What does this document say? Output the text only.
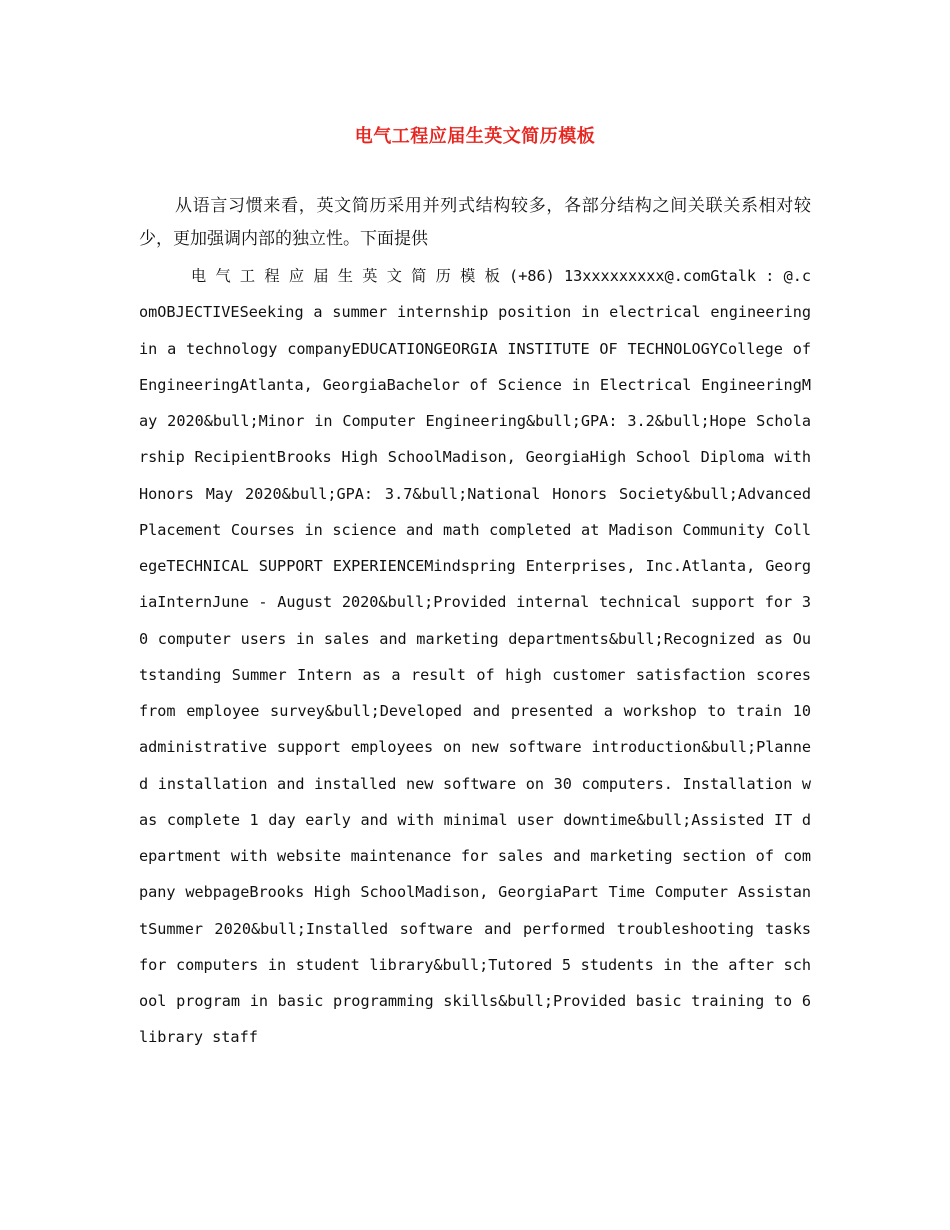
电气工程应届生英文简历模板

从语言习惯来看，英文简历采用并列式结构较多，各部分结构之间关联关系相对较少，更加强调内部的独立性。下面提供

电 气 工 程 应 届 生 英 文 简 历 模 板 (+86) 13xxxxxxxxx@.comGtalk : @.comOBJECTIVESeeking a summer internship position in electrical engineering in a technology companyEDUCATIONGEORGIA INSTITUTE OF TECHNOLOGYCollege of EngineeringAtlanta, GeorgiaBachelor of Science in Electrical EngineeringMay 2020&bull;Minor in Computer Engineering&bull;GPA: 3.2&bull;Hope Scholarship RecipientBrooks High SchoolMadison, GeorgiaHigh School Diploma with Honors May 2020&bull;GPA: 3.7&bull;National Honors Society&bull;Advanced Placement Courses in science and math completed at Madison Community CollegeTECHNICAL SUPPORT EXPERIENCEMindspring Enterprises, Inc.Atlanta, GeorgiaInternJune - August 2020&bull;Provided internal technical support for 30 computer users in sales and marketing departments&bull;Recognized as Outstanding Summer Intern as a result of high customer satisfaction scores from employee survey&bull;Developed and presented a workshop to train 10 administrative support employees on new software introduction&bull;Planned installation and installed new software on 30 computers. Installation was complete 1 day early and with minimal user downtime&bull;Assisted IT department with website maintenance for sales and marketing section of company webpageBrooks High SchoolMadison, GeorgiaPart Time Computer AssistantSummer 2020&bull;Installed software and performed troubleshooting tasks for computers in student library&bull;Tutored 5 students in the after school program in basic programming skills&bull;Provided basic training to 6 library staff
